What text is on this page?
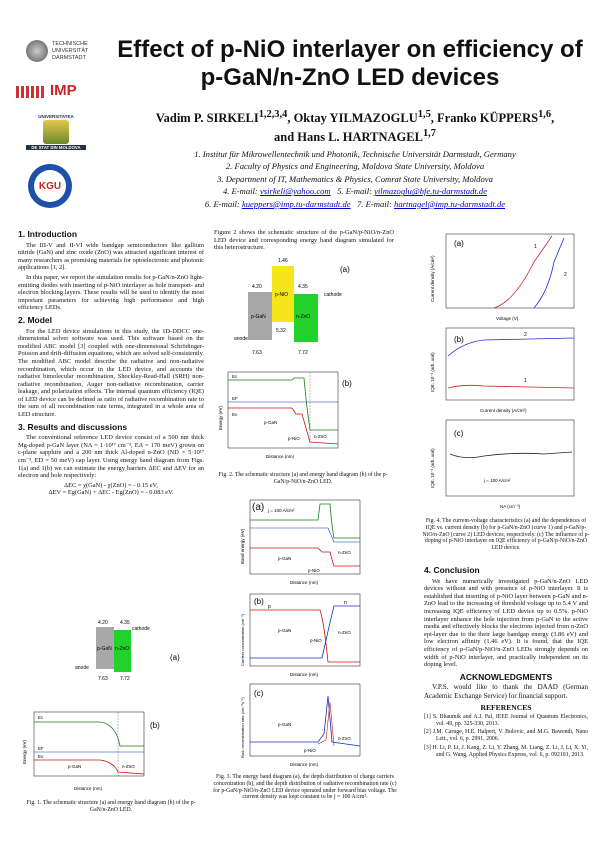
TECHNISCHE
UNIVERSITÄT
DARMSTADT
IMP
UNIVERSITATEA
DE STAT DIN MOLDOVA
KGU
Effect of p-NiO interlayer on efficiency of p-GaN/n-ZnO LED devices
Vadim P. SIRKELI$^{1,2,3,4}$, Oktay YILMAZOGLU$^{1,5}$, Franko KÜPPERS$^{1,6}$,
and Hans L. HARTNAGEL$^{1,7}$
1. Institut für Mikrowellentechnik und Photonik, Technische Universität Darmstadt, Germany
2. Faculty of Physics and Engineering, Moldova State University, Moldova
3. Department of IT, Mathematics & Physics, Comrat State University, Moldova
4. E-mail: vsirkeli@yahoo.com 5. E-mail: yilmazoglu@hfe.tu-darmstadt.de
6. E-mail: kueppers@imp.tu-darmstadt.de 7. E-mail: hartnagel@imp.tu-darmstadt.de
1. Introduction

The III-V and II-VI wide bandgap semiconductors like gallium nitride (GaN) and zinc oxide (ZnO) was attracted significant interest of many researchers as promising materials for optoelectronic and photonic applications [1, 2].

In this paper, we report the simulation results for p-GaN/n-ZnO light-emitting diodes with inserting of p-NiO interlayer as hole transport- and electron blocking layers. These results will be used to identify the most important parameters for achieving high performance and high efficiency LEDs.

2. Model

For the LED device simulations in this study, the 1D-DDCC one-dimensional solver software was used. This software based on the modified ABC model [3] coupled with one-dimensional Schrödinger-Poisson and drift-diffusion equations, which are solved self-consistently. The modified ABC model describe the radiative and non-radiative recombination, which occur in the LED device, and accounts the radiative bimolecular recombination, Shockley-Read-Hall (SRH) non-radiative recombination, Auger non-radiative recombination, carrier leakage, and polarization effects. The internal quantum efficiency (IQE) of LED device can be defined as ratio of radiative recombination rate to the sum of all recombination rate terms, integrated in a whole area of LED structure.

3. Results and discussions

The conventional reference LED device consist of a 500 nm thick Mg-doped p-GaN layer (NA = 1·10¹⁷ cm⁻³, EA = 170 meV) grown on c-plane sapphire and a 200 nm thick Al-doped n-ZnO (ND = 5·10¹⁷ cm⁻³, ED = 50 meV) cap layer. Using energy band diagram from Figs. 1(a) and 1(b) we can estimate the energy barriers ΔEC and ΔEV for an electron and hole respectively:

ΔEC = χ(GaN) - χ(ZnO) = - 0.15 eV,
ΔEV = Eg(GaN) + ΔEC - Eg(ZnO) = - 0.083 eV.
4.20 4.35
cathode
p-GaN n-ZnO
anode
7.63 7.72
(a)
Ec
EF
Ev
p-GaN	n-ZnO
Distance (nm)
Energy (eV)
(b)
Fig. 1. The schematic structure (a) and energy band diagram (b) of the p-GaN/n-ZnO LED.
Figure 2 shows the schematic structure of the p-GaN/p-NiO/n-ZnO LED device and corresponding energy band diagram simulated for this heterostructure.
1.46
4.20	4.35
cathode
p-GaN
p-NiO
n-ZnO
5.32
anode
7.63	7.72
(a)
Ec
EF
Ev
p-GaN
p-NiO	n-ZnO
Distance (nm)
Energy (eV)
(b)
Fig. 2. The schematic structure (a) and energy band diagram (b) of the p-GaN/p-NiO/n-ZnO LED.
j = 100 A/cm²
p-GaN
p-NiO
n-ZnO
Distance (nm)
Band energy (eV)
(a)
p
n
p-GaN
p-NiO
n-ZnO
Distance (nm)
Carriers concentration (cm⁻³)
(b)
p-GaN
p-NiO
n-ZnO
Distance (nm)
Rad. recombination rate (cm⁻³s⁻¹)
(c)
Fig. 3. The energy band diagram (a), the depth distribution of charge carriers concentration (b), and the depth distribution of radiative recombination rate (c) for p-GaN/p-NiO/n-ZnO LED device operated under forward bias voltage. The current density was kept constant to be j = 100 A/cm².
1
2
Voltage (V)
Current density (A/cm²)
(a)
2
1
Current density (A/cm²)
IQE, 10⁻³ (arb. unit)
(b)
j = 100 A/cm²
NA (cm⁻³)
IQE, 10⁻³ (arb. unit)
(c)
Fig. 4. The current-voltage characteristics (a) and the dependences of IQE vs. current density (b) for p-GaN/n-ZnO (curve 1) and p-GaN/p-NiO/n-ZnO (curve 2) LED devices, respectively. (c) The influence of p-doping of p-NiO interlayer on IQE efficiency of p-GaN/p-NiO/n-ZnO LED device.
4. Conclusion

We have numerically investigated p-GaN/n-ZnO LED devices without and with presence of p-NiO interlayer. It is established that inserting of p-NiO layer between p-GaN and n-ZnO lead to the increasing of threshold voltage up to 5.4 V and increasing IQE efficiency of LED device up to 0.5%. p-NiO interlayer enhance the hole injection from p-GaN to the active media and effectively blocks the electrons injected from n-ZnO epi-layer due to the their large bandgap energy (3.86 eV) and low electron affinity (1.46 eV). It is found, that the IQE efficiency of p-GaN/p-NiO/n-ZnO LEDs strongly depends on width of p-NiO interlayer, and practically independent on its doping level.

ACKNOWLEDGMENTS
V.P.S. would like to thank the DAAD (German Academic Exchange Service) for financial support.
REFERENCES
[1] S. Bhaumik and A.J. Pal, IEEE Journal of Quantum Electronics, vol. 49, pp. 325-330, 2013.
[2] J.M. Caruge, H.E. Halpert, V. Bulovic, and M.G. Bawendi, Nano Lett., vol. 6, p. 2991, 2006.
[3] H. Li, P. Li, J. Kang, Z. Li, Y. Zhang, M. Liang, Z. Li, J. Li, X. Yi, and G. Wang, Applied Physics Express, vol. 6, p. 092101, 2013.
